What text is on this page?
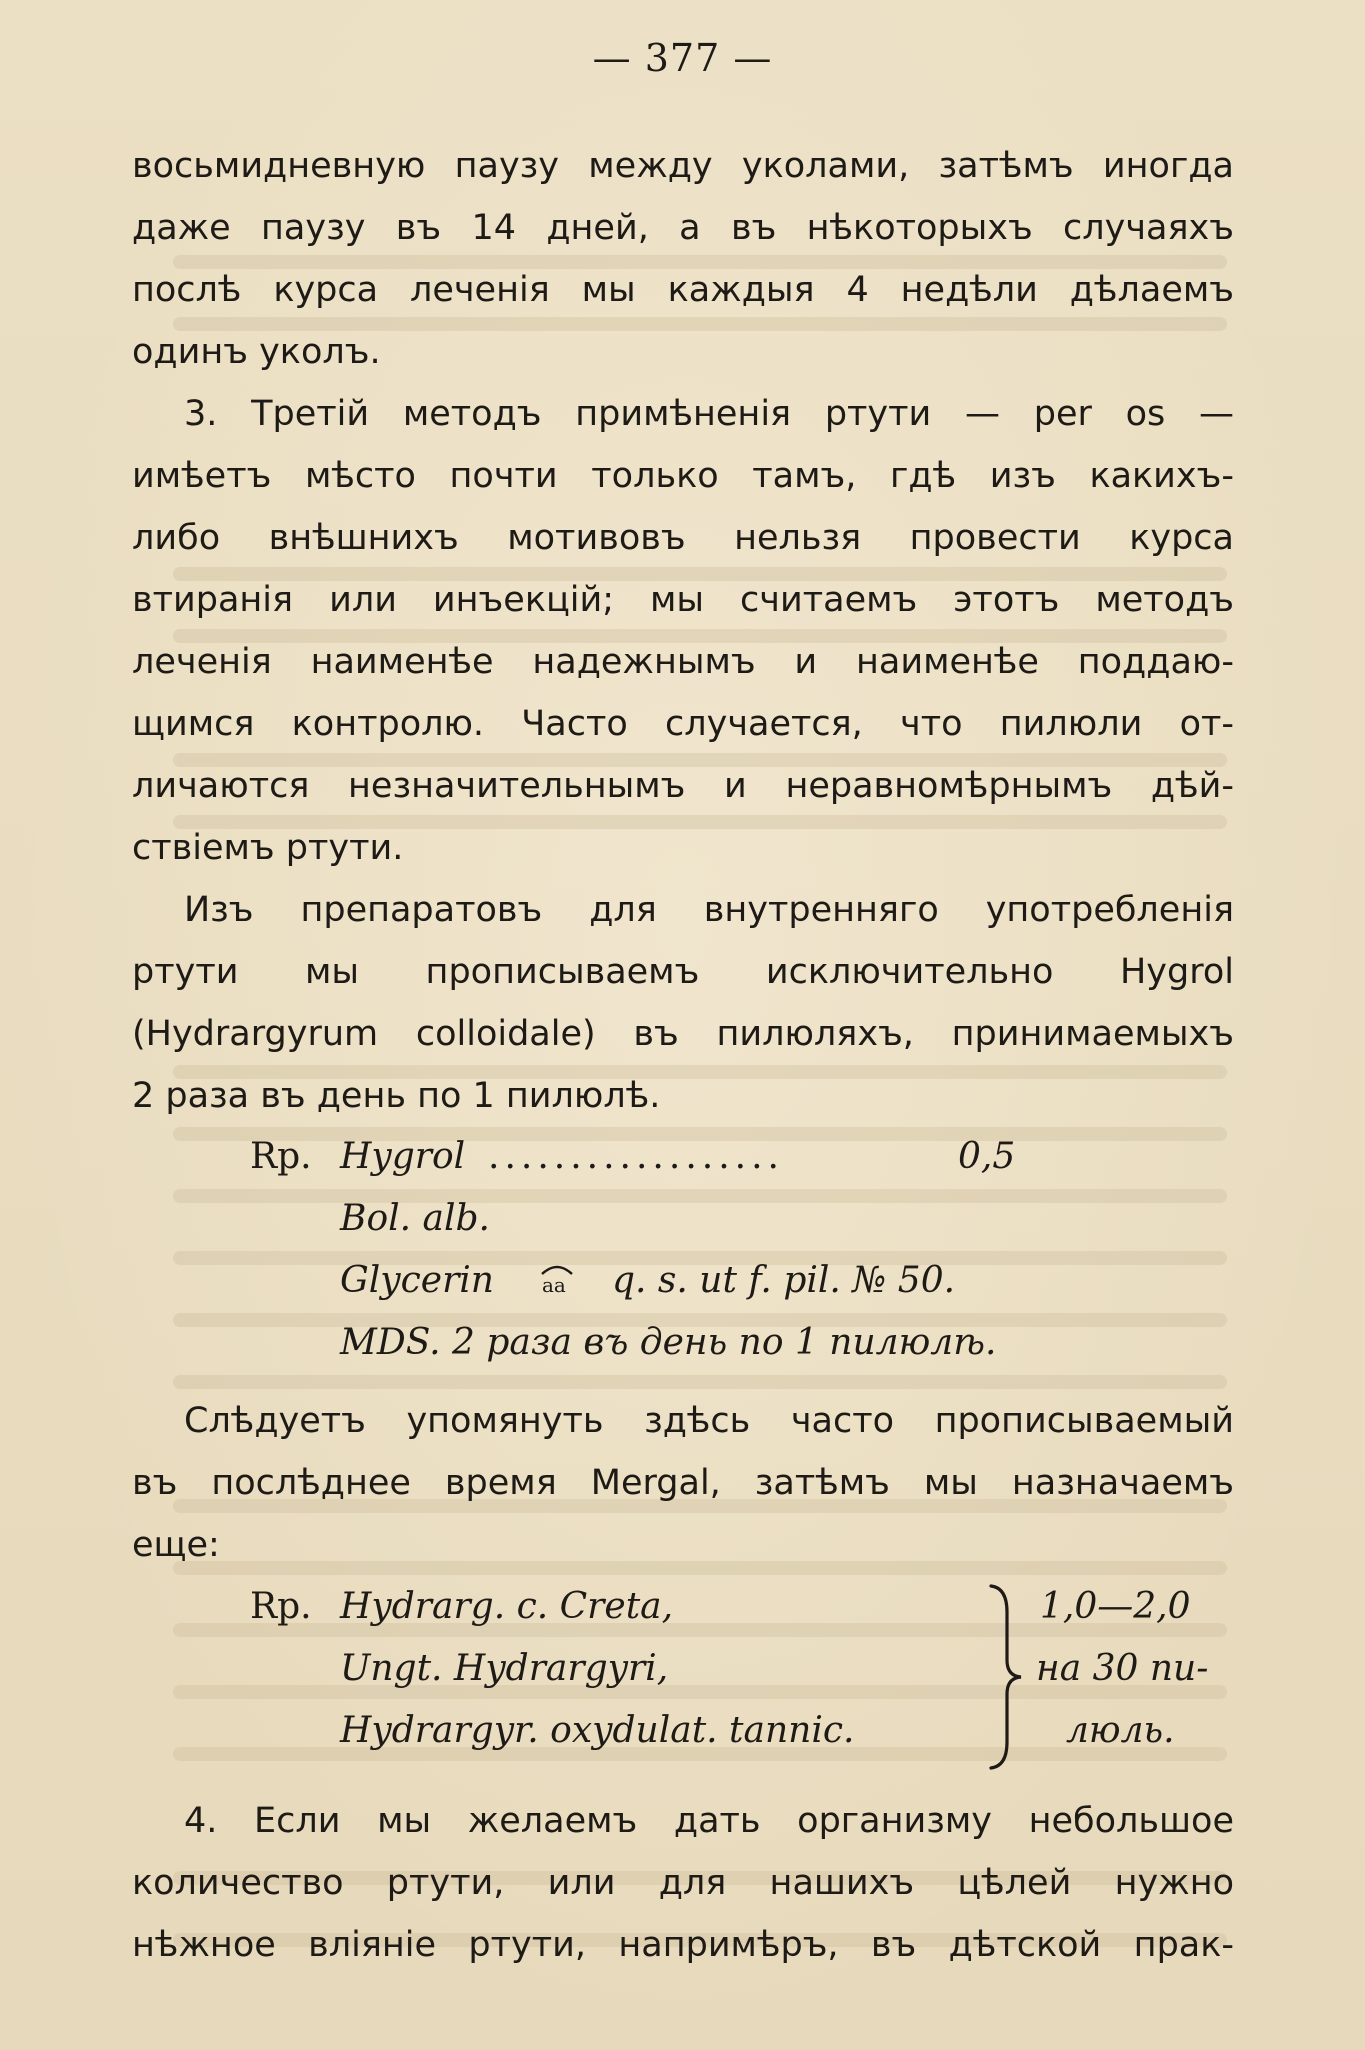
— 377 —
восьмидневную паузу между уколами, затѣмъ иногда
даже паузу въ 14 дней, а въ нѣкоторыхъ случаяхъ
послѣ курса леченія мы каждыя 4 недѣли дѣлаемъ
одинъ уколъ.
3. Третій методъ примѣненія ртути — per os —
имѣетъ мѣсто почти только тамъ, гдѣ изъ какихъ-
либо внѣшнихъ мотивовъ нельзя провести курса
втиранія или инъекцій; мы считаемъ этотъ методъ
леченія наименѣе надежнымъ и наименѣе поддаю-
щимся контролю. Часто случается, что пилюли от-
личаются незначительнымъ и неравномѣрнымъ дѣй-
ствіемъ ртути.
Изъ препаратовъ для внутренняго употребленія
ртути мы прописываемъ исключительно Hygrol
(Hydrargyrum colloidale) въ пилюляхъ, принимаемыхъ
2 раза въ день по 1 пилюлѣ.
Rp. Hygrol ..................	0,5
Bol. alb.
Glycerin aa q. s. ut f. pil. № 50.
MDS. 2 раза въ день по 1 пилюлѣ.
Слѣдуетъ упомянуть здѣсь часто прописываемый
въ послѣднее время Mergal, затѣмъ мы назначаемъ
еще:
Rp. Hydrarg. c. Creta,
Ungt. Hydrargyri,
Hydrargyr. oxydulat. tannic.
1,0—2,0
на 30 пи-
люль.
4. Если мы желаемъ дать организму небольшое
количество ртути, или для нашихъ цѣлей нужно
нѣжное вліяніе ртути, напримѣръ, въ дѣтской прак-
